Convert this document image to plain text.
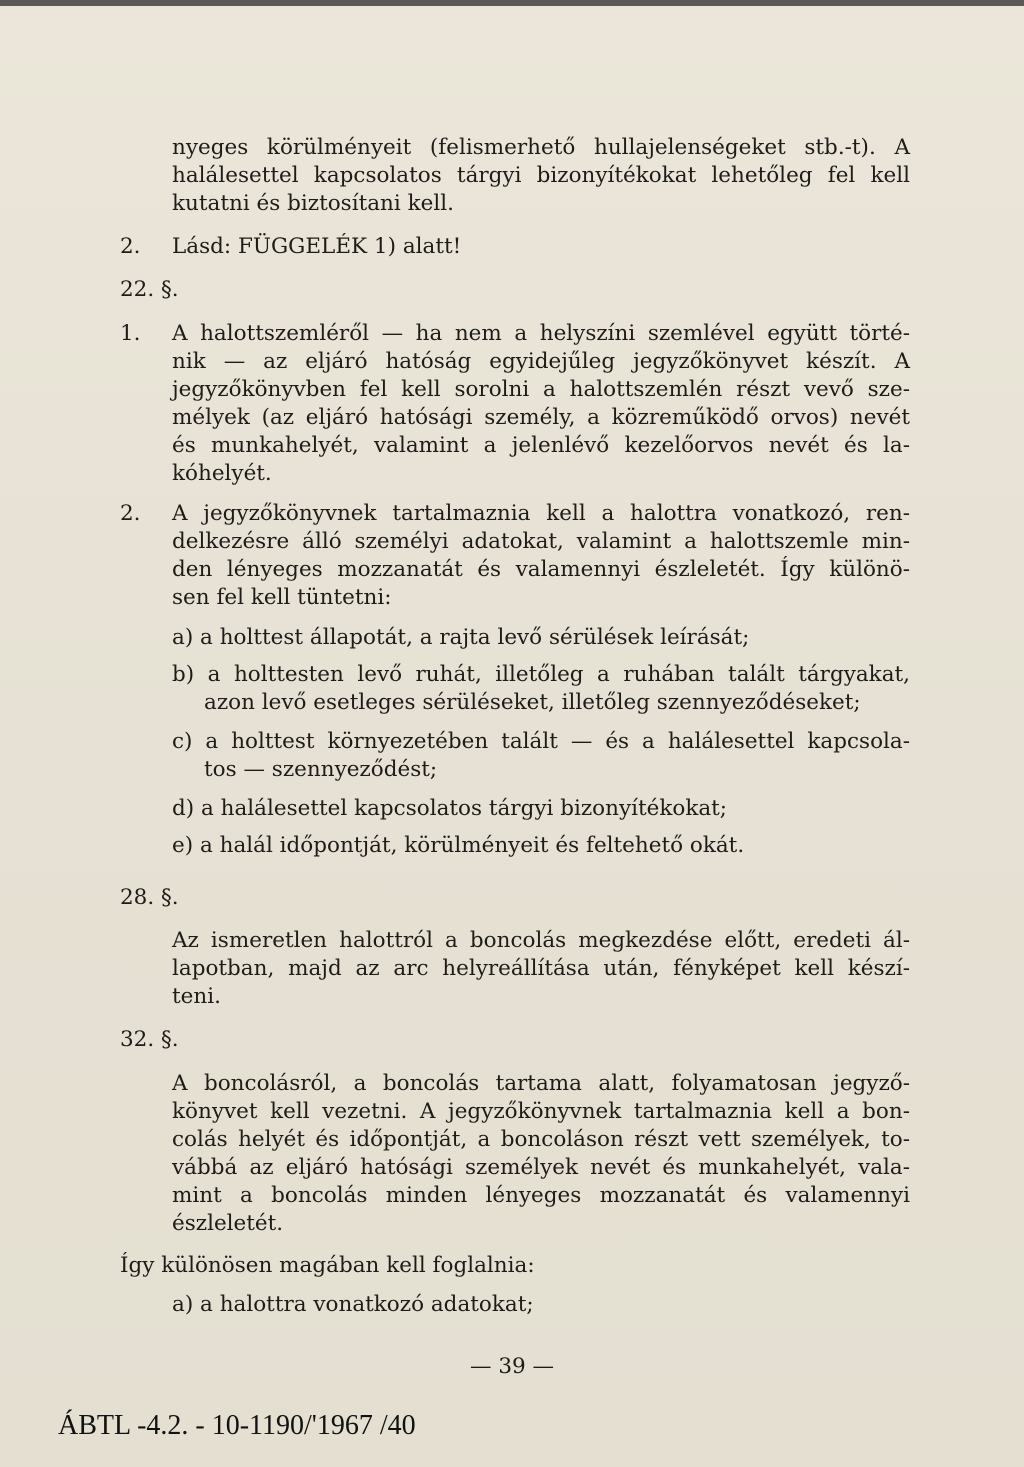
nyeges körülményeit (felismerhető hullajelenségeket stb.-t). A
halálesettel kapcsolatos tárgyi bizonyítékokat lehetőleg fel kell
kutatni és biztosítani kell.
2. Lásd: FÜGGELÉK 1) alatt!
22. §.
1. A halottszemléről — ha nem a helyszíni szemlével együtt törté-
nik — az eljáró hatóság egyidejűleg jegyzőkönyvet készít. A
jegyzőkönyvben fel kell sorolni a halottszemlén részt vevő sze-
mélyek (az eljáró hatósági személy, a közreműködő orvos) nevét
és munkahelyét, valamint a jelenlévő kezelőorvos nevét és la-
kóhelyét.
2. A jegyzőkönyvnek tartalmaznia kell a halottra vonatkozó, ren-
delkezésre álló személyi adatokat, valamint a halottszemle min-
den lényeges mozzanatát és valamennyi észleletét. Így különö-
sen fel kell tüntetni:
a) a holttest állapotát, a rajta levő sérülések leírását;
b) a holttesten levő ruhát, illetőleg a ruhában talált tárgyakat,
azon levő esetleges sérüléseket, illetőleg szennyeződéseket;
c) a holttest környezetében talált — és a halálesettel kapcsola-
tos — szennyeződést;
d) a halálesettel kapcsolatos tárgyi bizonyítékokat;
e) a halál időpontját, körülményeit és feltehető okát.
28. §.
Az ismeretlen halottról a boncolás megkezdése előtt, eredeti ál-
lapotban, majd az arc helyreállítása után, fényképet kell készí-
teni.
32. §.
A boncolásról, a boncolás tartama alatt, folyamatosan jegyző-
könyvet kell vezetni. A jegyzőkönyvnek tartalmaznia kell a bon-
colás helyét és időpontját, a boncoláson részt vett személyek, to-
vábbá az eljáró hatósági személyek nevét és munkahelyét, vala-
mint a boncolás minden lényeges mozzanatát és valamennyi
észleletét.
Így különösen magában kell foglalnia:
a) a halottra vonatkozó adatokat;
— 39 —
ÁBTL -4.2. - 10-1190/'1967 /40
